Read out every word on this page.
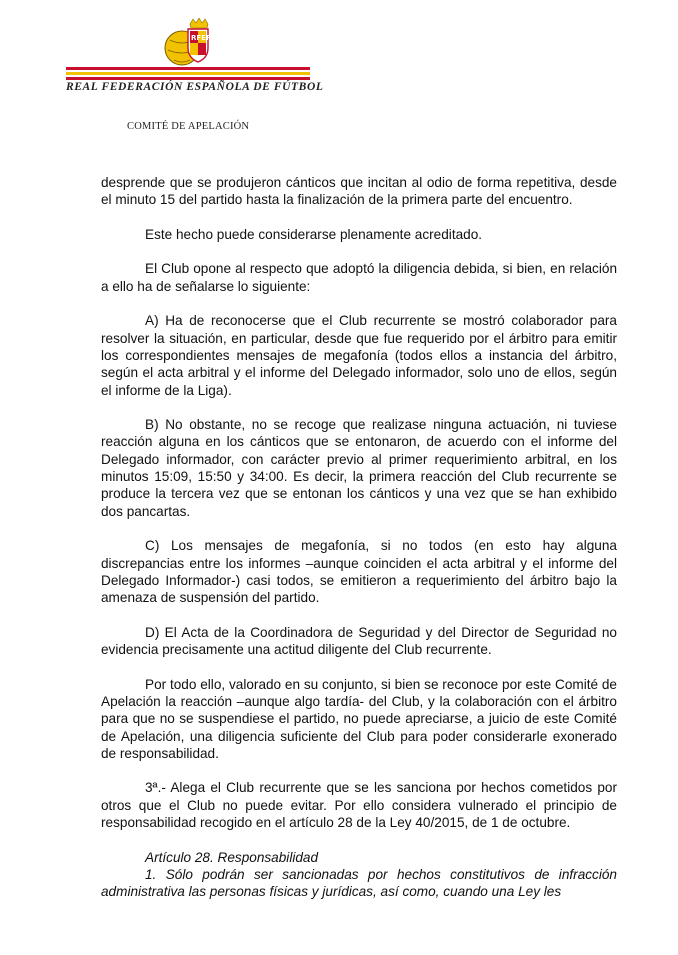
RFEF
REAL FEDERACIÓN ESPAÑOLA DE FÚTBOL
COMITÉ DE APELACIÓN

desprende que se produjeron cánticos que incitan al odio de forma repetitiva, desde el minuto 15 del partido hasta la finalización de la primera parte del encuentro.

Este hecho puede considerarse plenamente acreditado.

El Club opone al respecto que adoptó la diligencia debida, si bien, en relación a ello ha de señalarse lo siguiente:

A) Ha de reconocerse que el Club recurrente se mostró colaborador para resolver la situación, en particular, desde que fue requerido por el árbitro para emitir los correspondientes mensajes de megafonía (todos ellos a instancia del árbitro, según el acta arbitral y el informe del Delegado informador, solo uno de ellos, según el informe de la Liga).

B) No obstante, no se recoge que realizase ninguna actuación, ni tuviese reacción alguna en los cánticos que se entonaron, de acuerdo con el informe del Delegado informador, con carácter previo al primer requerimiento arbitral, en los minutos 15:09, 15:50 y 34:00. Es decir, la primera reacción del Club recurrente se produce la tercera vez que se entonan los cánticos y una vez que se han exhibido dos pancartas.

C) Los mensajes de megafonía, si no todos (en esto hay alguna discrepancias entre los informes –aunque coinciden el acta arbitral y el informe del Delegado Informador-) casi todos, se emitieron a requerimiento del árbitro bajo la amenaza de suspensión del partido.

D) El Acta de la Coordinadora de Seguridad y del Director de Seguridad no evidencia precisamente una actitud diligente del Club recurrente.

Por todo ello, valorado en su conjunto, si bien se reconoce por este Comité de Apelación la reacción –aunque algo tardía- del Club, y la colaboración con el árbitro para que no se suspendiese el partido, no puede apreciarse, a juicio de este Comité de Apelación, una diligencia suficiente del Club para poder considerarle exonerado de responsabilidad.

3ª.- Alega el Club recurrente que se les sanciona por hechos cometidos por otros que el Club no puede evitar. Por ello considera vulnerado el principio de responsabilidad recogido en el artículo 28 de la Ley 40/2015, de 1 de octubre.

Artículo 28. Responsabilidad

1. Sólo podrán ser sancionadas por hechos constitutivos de infracción administrativa las personas físicas y jurídicas, así como, cuando una Ley les
